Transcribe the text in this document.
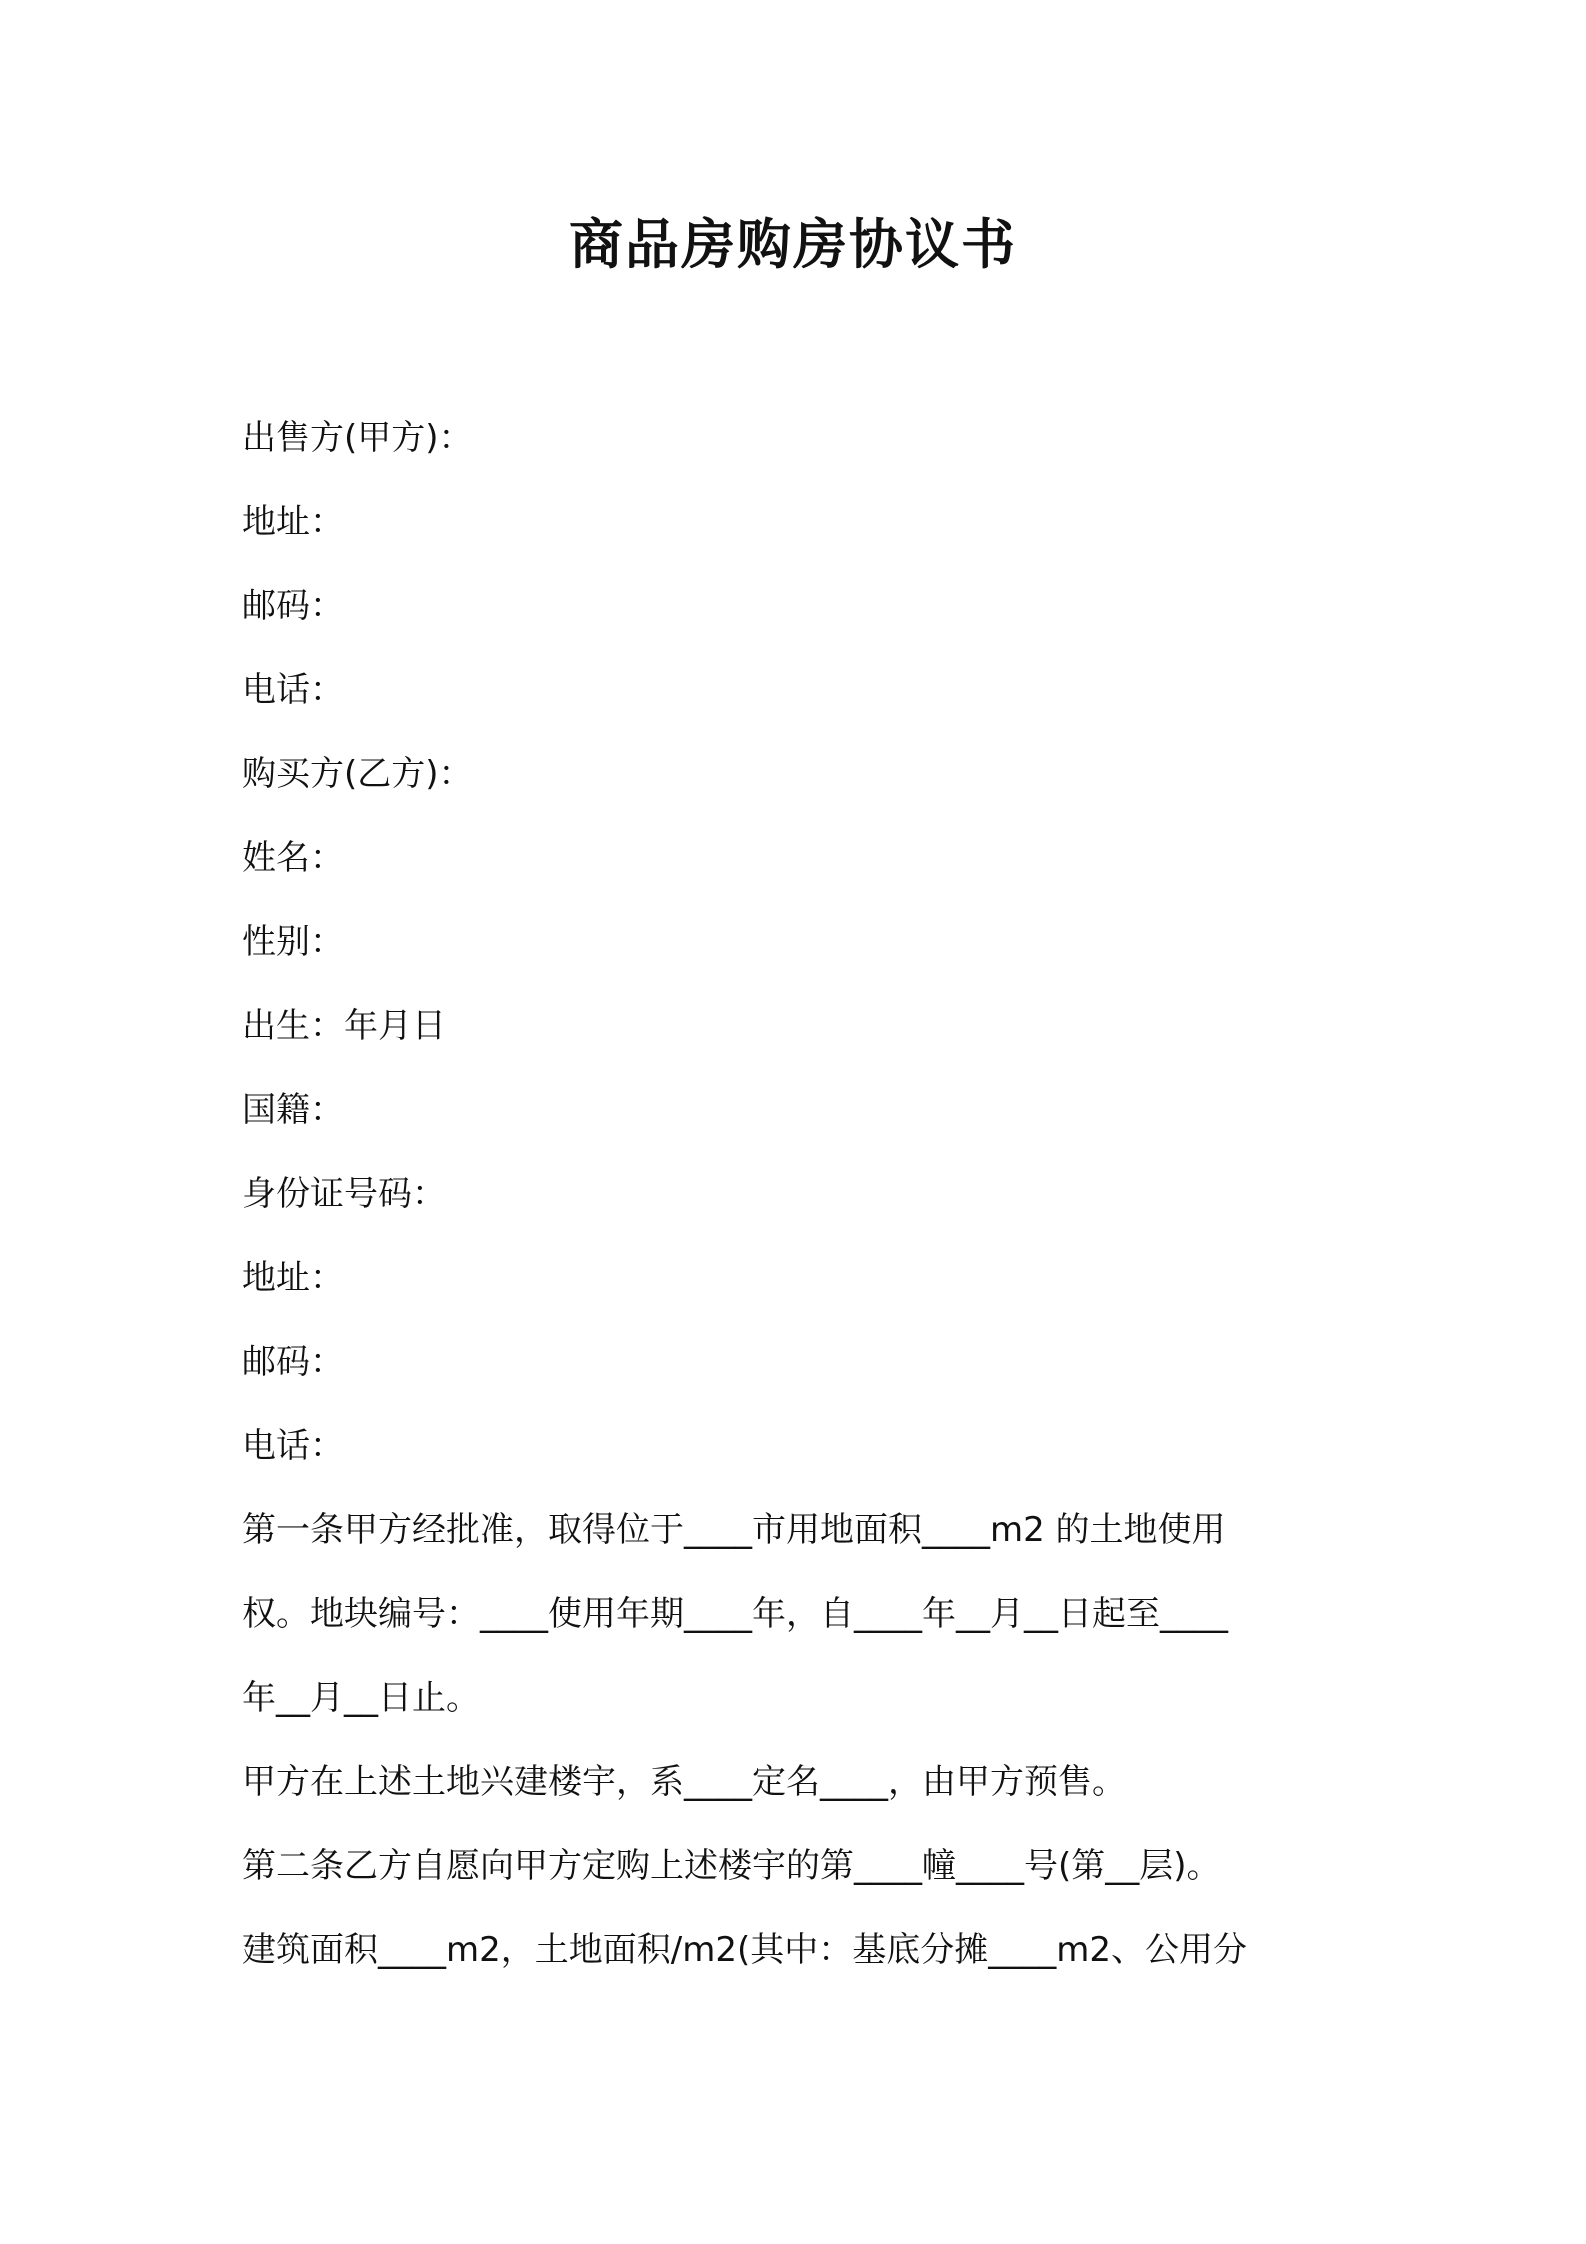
商品房购房协议书
出售方(甲方)：
地址：
邮码：
电话：
购买方(乙方)：
姓名：
性别：
出生：年月日
国籍：
身份证号码：
地址：
邮码：
电话：
第一条甲方经批准，取得位于____市用地面积____m2 的土地使用
权。地块编号：____使用年期____年，自____年__月__日起至____
年__月__日止。
甲方在上述土地兴建楼宇，系____定名____，由甲方预售。
第二条乙方自愿向甲方定购上述楼宇的第____幢____号(第__层)。
建筑面积____m2，土地面积/m2(其中：基底分摊____m2、公用分
